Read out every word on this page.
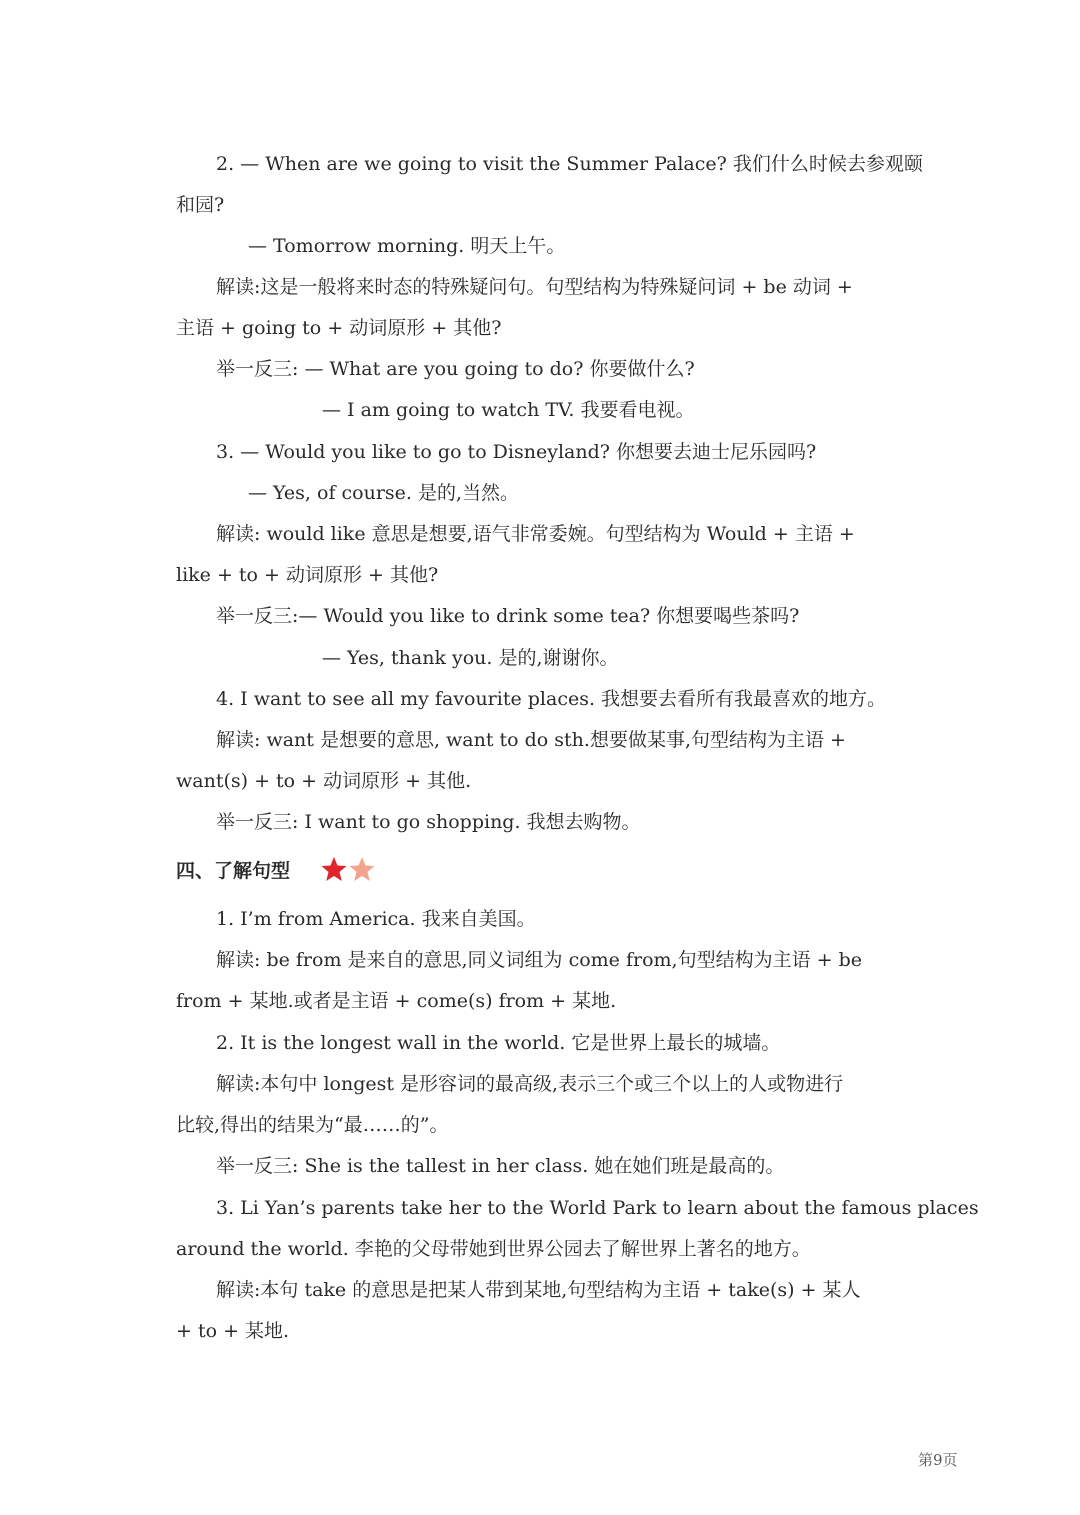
2. — When are we going to visit the Summer Palace? 我们什么时候去参观颐
和园?
— Tomorrow morning. 明天上午。
解读:这是一般将来时态的特殊疑问句。句型结构为特殊疑问词 + be 动词 +
主语 + going to + 动词原形 + 其他?
举一反三: — What are you going to do? 你要做什么?
— I am going to watch TV. 我要看电视。
3. — Would you like to go to Disneyland? 你想要去迪士尼乐园吗?
— Yes, of course. 是的,当然。
解读: would like 意思是想要,语气非常委婉。句型结构为 Would + 主语 +
like + to + 动词原形 + 其他?
举一反三:— Would you like to drink some tea? 你想要喝些茶吗?
— Yes, thank you. 是的,谢谢你。
4. I want to see all my favourite places. 我想要去看所有我最喜欢的地方。
解读: want 是想要的意思, want to do sth.想要做某事,句型结构为主语 +
want(s) + to + 动词原形 + 其他.
举一反三: I want to go shopping. 我想去购物。
四、了解句型
1. I’m from America. 我来自美国。
解读: be from 是来自的意思,同义词组为 come from,句型结构为主语 + be
from + 某地.或者是主语 + come(s) from + 某地.
2. It is the longest wall in the world. 它是世界上最长的城墙。
解读:本句中 longest 是形容词的最高级,表示三个或三个以上的人或物进行
比较,得出的结果为“最……的”。
举一反三: She is the tallest in her class. 她在她们班是最高的。
3. Li Yan’s parents take her to the World Park to learn about the famous places
around the world. 李艳的父母带她到世界公园去了解世界上著名的地方。
解读:本句 take 的意思是把某人带到某地,句型结构为主语 + take(s) + 某人
+ to + 某地.
第9页
